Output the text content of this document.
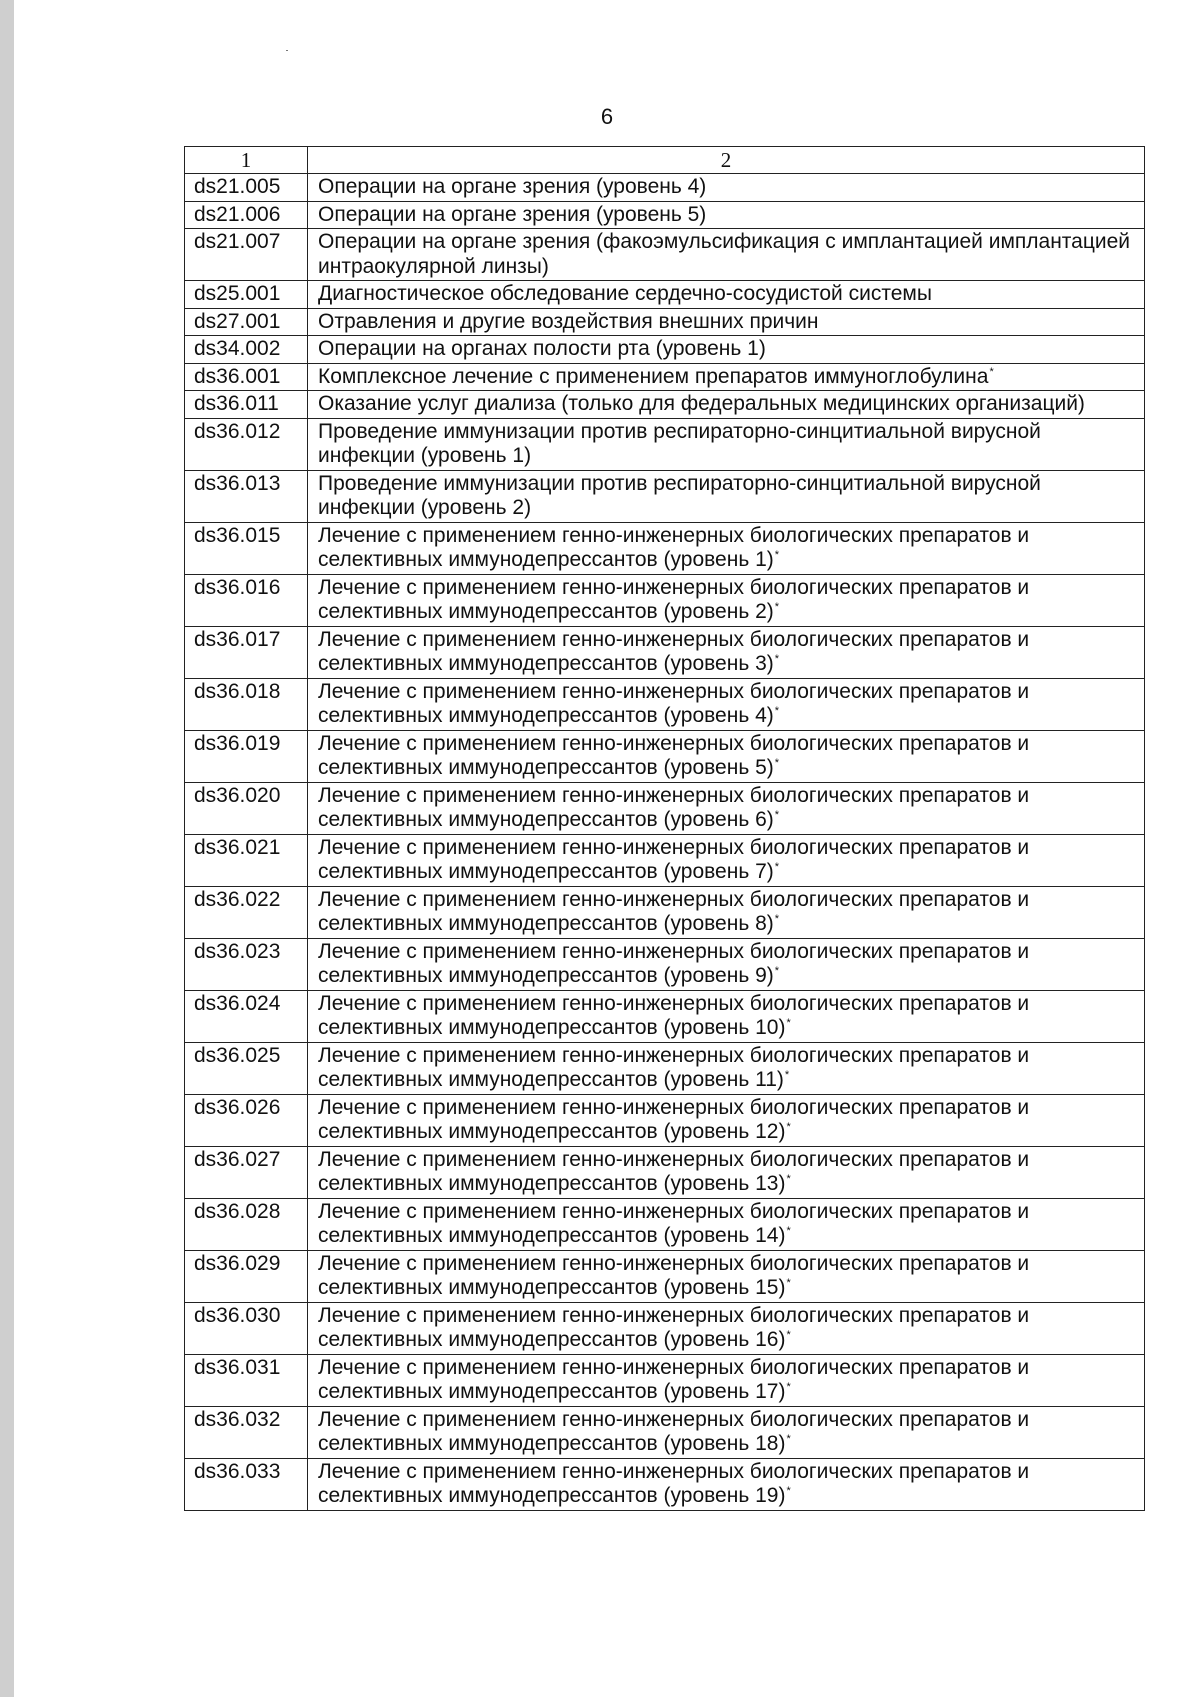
6
1	2
ds21.005	Операции на органе зрения (уровень 4)
ds21.006	Операции на органе зрения (уровень 5)
ds21.007	Операции на органе зрения (факоэмульсификация с имплантацией имплантацией интраокулярной линзы)
ds25.001	Диагностическое обследование сердечно-сосудистой системы
ds27.001	Отравления и другие воздействия внешних причин
ds34.002	Операции на органах полости рта (уровень 1)
ds36.001	Комплексное лечение с применением препаратов иммуноглобулина*
ds36.011	Оказание услуг диализа (только для федеральных медицинских организаций)
ds36.012	Проведение иммунизации против респираторно-синцитиальной вирусной инфекции (уровень 1)
ds36.013	Проведение иммунизации против респираторно-синцитиальной вирусной инфекции (уровень 2)
ds36.015	Лечение с применением генно-инженерных биологических препаратов и селективных иммунодепрессантов (уровень 1)*
ds36.016	Лечение с применением генно-инженерных биологических препаратов и селективных иммунодепрессантов (уровень 2)*
ds36.017	Лечение с применением генно-инженерных биологических препаратов и селективных иммунодепрессантов (уровень 3)*
ds36.018	Лечение с применением генно-инженерных биологических препаратов и селективных иммунодепрессантов (уровень 4)*
ds36.019	Лечение с применением генно-инженерных биологических препаратов и селективных иммунодепрессантов (уровень 5)*
ds36.020	Лечение с применением генно-инженерных биологических препаратов и селективных иммунодепрессантов (уровень 6)*
ds36.021	Лечение с применением генно-инженерных биологических препаратов и селективных иммунодепрессантов (уровень 7)*
ds36.022	Лечение с применением генно-инженерных биологических препаратов и селективных иммунодепрессантов (уровень 8)*
ds36.023	Лечение с применением генно-инженерных биологических препаратов и селективных иммунодепрессантов (уровень 9)*
ds36.024	Лечение с применением генно-инженерных биологических препаратов и селективных иммунодепрессантов (уровень 10)*
ds36.025	Лечение с применением генно-инженерных биологических препаратов и селективных иммунодепрессантов (уровень 11)*
ds36.026	Лечение с применением генно-инженерных биологических препаратов и селективных иммунодепрессантов (уровень 12)*
ds36.027	Лечение с применением генно-инженерных биологических препаратов и селективных иммунодепрессантов (уровень 13)*
ds36.028	Лечение с применением генно-инженерных биологических препаратов и селективных иммунодепрессантов (уровень 14)*
ds36.029	Лечение с применением генно-инженерных биологических препаратов и селективных иммунодепрессантов (уровень 15)*
ds36.030	Лечение с применением генно-инженерных биологических препаратов и селективных иммунодепрессантов (уровень 16)*
ds36.031	Лечение с применением генно-инженерных биологических препаратов и селективных иммунодепрессантов (уровень 17)*
ds36.032	Лечение с применением генно-инженерных биологических препаратов и селективных иммунодепрессантов (уровень 18)*
ds36.033	Лечение с применением генно-инженерных биологических препаратов и селективных иммунодепрессантов (уровень 19)*
